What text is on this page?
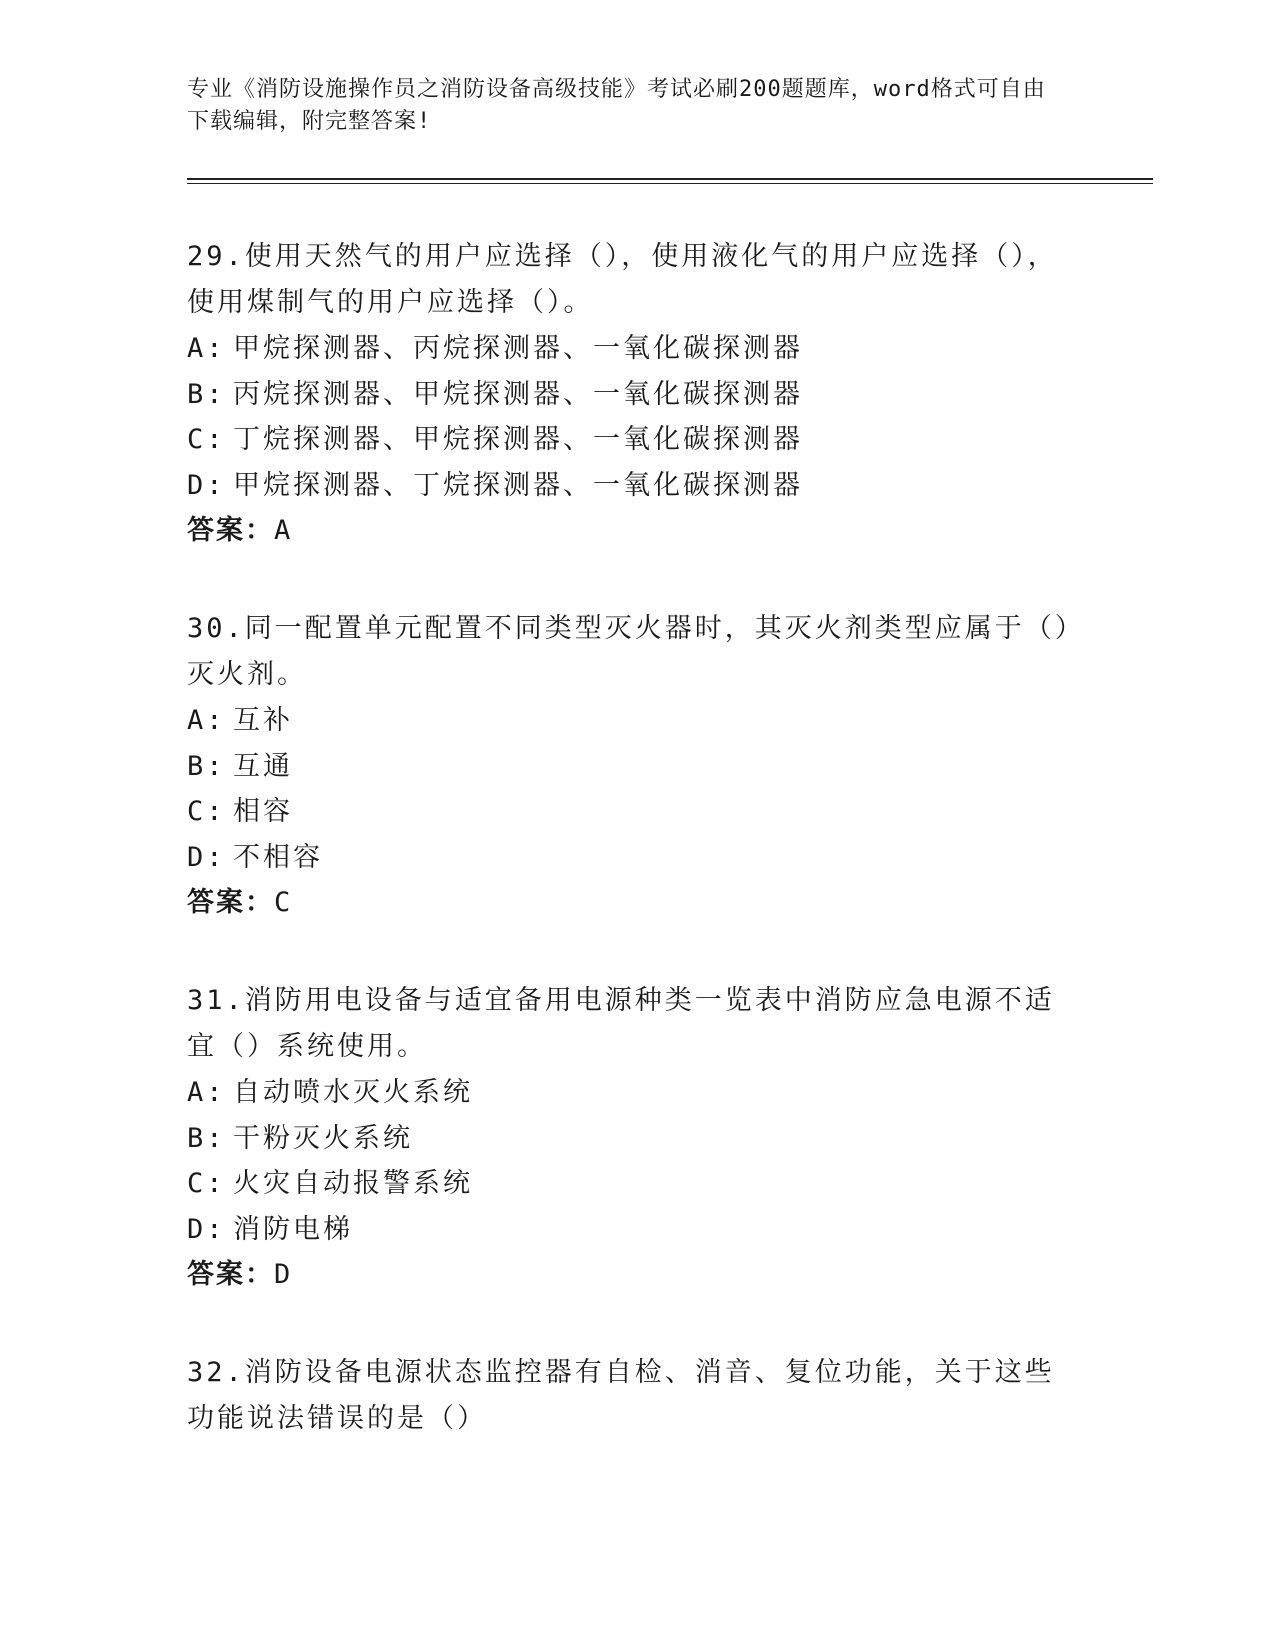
专业《消防设施操作员之消防设备高级技能》考试必刷200题题库，word格式可自由下载编辑，附完整答案!
29.使用天然气的用户应选择（），使用液化气的用户应选择（），使用煤制气的用户应选择（）。
A: 甲烷探测器、丙烷探测器、一氧化碳探测器
B: 丙烷探测器、甲烷探测器、一氧化碳探测器
C: 丁烷探测器、甲烷探测器、一氧化碳探测器
D: 甲烷探测器、丁烷探测器、一氧化碳探测器
答案：A
30.同一配置单元配置不同类型灭火器时，其灭火剂类型应属于（）灭火剂。
A: 互补
B: 互通
C: 相容
D: 不相容
答案：C
31.消防用电设备与适宜备用电源种类一览表中消防应急电源不适宜（）系统使用。
A: 自动喷水灭火系统
B: 干粉灭火系统
C: 火灾自动报警系统
D: 消防电梯
答案：D
32.消防设备电源状态监控器有自检、消音、复位功能，关于这些功能说法错误的是（）
